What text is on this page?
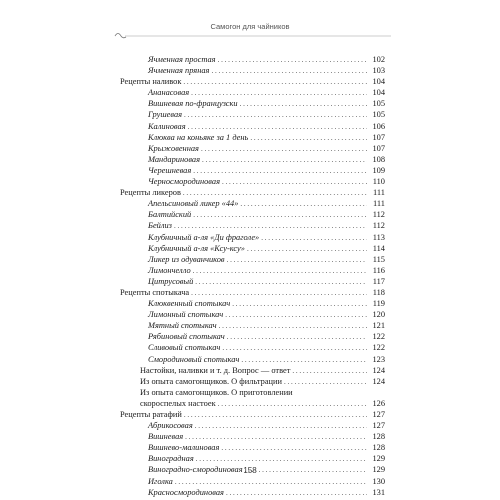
Самогон для чайников
Ячменная простая . . .	102
Ячменная пряная . . .	103
Рецепты наливок . . .	104
Ананасовая . . .	104
Вишневая по-французски . . .	105
Грушевая . . .	105
Калиновая . . .	106
Клюква на коньяке за 1 день . . .	107
Крыжовенная . . .	107
Мандариновая . . .	108
Черешневая . . .	109
Черносмородиновая . . .	110
Рецепты ликеров . . .	111
Апельсиновый ликер «44» . . .	111
Балтийский . . .	112
Бейлиз . . .	112
Клубничный а-ля «Ди фраголе» . . .	113
Клубничный а-ля «Ксу-ксу» . . .	114
Ликер из одуванчиков . . .	115
Лимончелло . . .	116
Цитрусовый . . .	117
Рецепты спотыкача . . .	118
Клюквенный спотыкач . . .	119
Лимонный спотыкач . . .	120
Мятный спотыкач . . .	121
Рябиновый спотыкач . . .	122
Сливовый спотыкач . . .	122
Смородиновый спотыкач . . .	123
Настойки, наливки и т. д. Вопрос — ответ . . .	124
Из опыта самогонщиков. О фильтрации . . .	124
Из опыта самогонщиков. О приготовлении
скороспелых настоек . . .	126
Рецепты ратафий . . .	127
Абрикосовая . . .	127
Вишневая . . .	128
Вишнево-малиновая . . .	128
Виноградная . . .	129
Виноградно-смородиновая . . .	129
Иголка . . .	130
Красносмородиновая . . .	131
158
